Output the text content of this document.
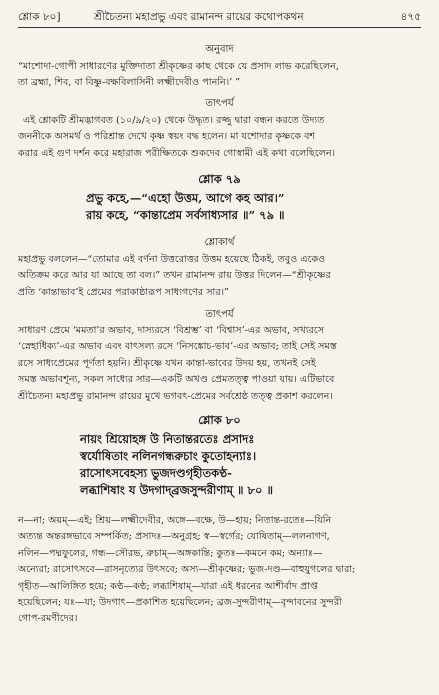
শ্লোক ৮০]	শ্রীচৈতন্য মহাপ্রভু এবং রামানন্দ রায়ের কথোপকথন	৪৭৫
অনুবাদ

“মাশোদা-গোপী সাধারণের মুক্তিদাতা শ্রীকৃষ্ণের কাছ থেকে যে প্রসাদ লাভ করেছিলেন,

তা ব্রহ্মা, শিব, বা বিষ্ণু-বক্ষবিলাসিনী লক্ষ্মীদেবীও পাননি।’ ”

তাৎপর্য

এই শ্লোকটি শ্রীমদ্ভাগবত (১০/৯/২০) থেকে উদ্ধৃত। রজ্জু দ্বারা বন্ধন করতে উদ্যত

জননীকে অসমর্থ ও পরিশ্রান্ত দেখে কৃষ্ণ স্বয়ং বদ্ধ হলেন। মা যশোদার কৃষ্ণকে বশ

করার এই গুণ দর্শন করে মহারাজ পরীক্ষিতকে শুকদেব গোস্বামী এই কথা বলেছিলেন।

শ্লোক ৭৯
প্রভু কহে,—“এহো উত্তম, আগে কহ আর।”
রায় কহে, “কান্তাপ্রেম সর্বসাধ্যসার ॥” ৭৯ ॥
শ্লোকার্থ

মহাপ্রভু বললেন—“তোমার এই বর্ণনা উত্তরোত্তর উত্তম হয়েছে ঠিকই, তবুও একেও

অতিক্রম করে আর যা আছে তা বল।” তখন রামানন্দ রায় উত্তর দিলেন—“শ্রীকৃষ্ণের

প্রতি ‘কান্তাভাব’ই প্রেমের পরাকাষ্ঠারূপ সাধ্যগণের সার।”

তাৎপর্য

সাধারণ প্রেমে ‘মমতা’র অভাব, দাস্যরসে ‘বিশ্রম্ভ’ বা ‘বিশ্বাস’-এর অভাব, সখ্যরসে

‘স্নেহাধিক্য’-এর অভাব এবং বাৎসল্য রসে ‘নিসঙ্কোচ-ভাব’-এর অভাব; তাই সেই সমস্ত

রসে সাধ্যপ্রেমের পূর্ণতা হয়নি। শ্রীকৃষ্ণে যখন কান্তা-ভাবের উদয় হয়, তখনই সেই

সমস্ত অভাবশূন্য, সকল সাধ্যের সার—একটি অখণ্ড প্রেমতত্ত্ব পাওয়া যায়। এটিভাবে

শ্রীচৈতন্য মহাপ্রভু রামানন্দ রায়ের মুখে ভগবৎ-প্রেমের সর্বশ্রেষ্ঠ তত্ত্ব প্রকাশ করলেন।

শ্লোক ৮০
নায়ং শ্রিয়োহঙ্গ উ নিতান্তরতেঃ প্রসাদঃ
স্বর্যোষিতাং নলিনগন্ধরুচাং কুতোহন্যাঃ।
রাসোৎসবেহস্য ভুজদণ্ডগৃহীতকণ্ঠ-
লব্ধাশিষাং য উদগাদ্‌ব্রজসুন্দরীণাম্ ॥ ৮০ ॥

ন—না; অয়ম্—এই; শ্রিয়—লক্ষ্মীদেবীর, অঙ্গে—বক্ষে, উ—হায়; নিতান্ত-রতেঃ—যিনি

অত্যন্ত অন্তরঙ্গভাবে সম্পর্কিত; প্রসাদঃ—অনুগ্রহ; স্ব—স্বর্গের; যোষিতাম্—ললনাগণ,

নলিন—পদ্মফুলের, গন্ধ—সৌরভ, রুচাম্—অঙ্গকান্তি; কুতঃ—কমনে কম; অন্যাঃ—

অন্যেরা; রাসোৎসবে—রাসনৃত্যের উৎসবে; অস্য—শ্রীকৃষ্ণের; ভুজ-দণ্ড—বাহুযুগলের দ্বারা;

গৃহীত—আলিঙ্গিত হয়ে; কণ্ঠ—কণ্ঠ; লব্ধাশিষাম্—যারা এই ধরনের আশীর্বাদ প্রাপ্ত

হয়েছিলেন; যঃ—যা; উদগাৎ—প্রকাশিত হয়েছিলেন; ব্রজ-সুন্দরীণাম্—বৃন্দাবনের সুন্দরী

গোপ-রমণীদের।
